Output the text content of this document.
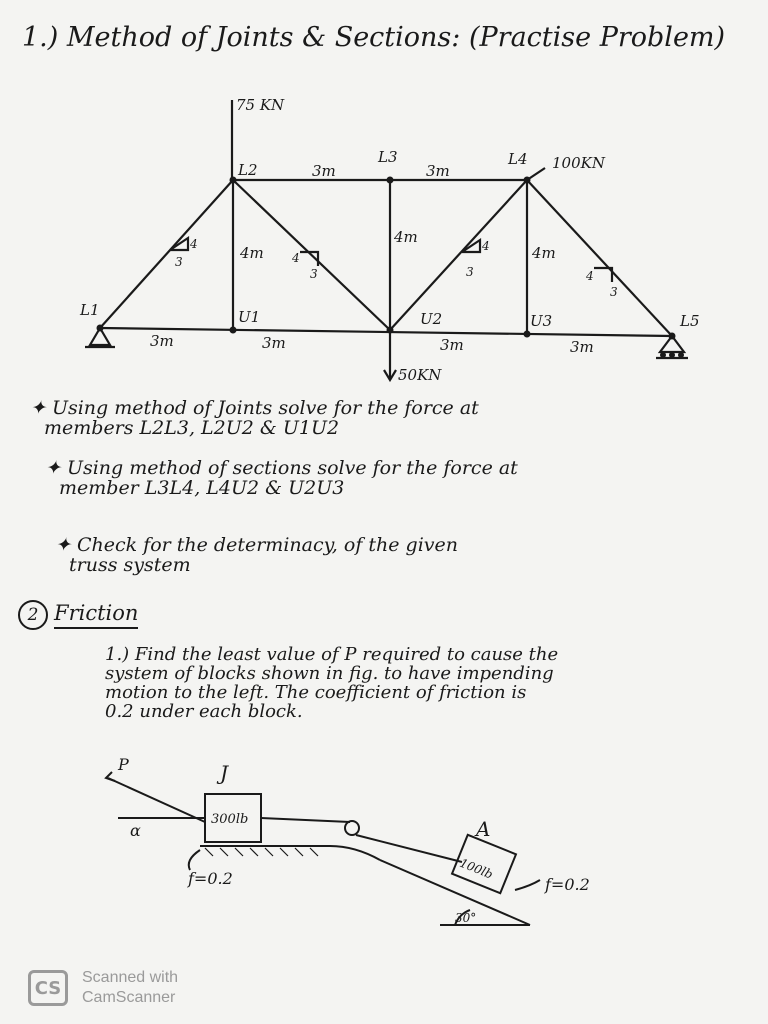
1.) Method of Joints & Sections: (Practise Problem)
75 KN
100KN
50KN
L1
L2
L3	L4
L5
U1	U2	U3
3m	3m
3m	3m	3m	3m
4m
4m
4m
4
3	4
3
4
3	4
3
✦ Using method of Joints solve for the force at
members L2L3, L2U2 & U1U2
✦ Using method of sections solve for the force at
member L3L4, L4U2 & U2U3
✦ Check for the determinacy, of the given
truss system
2 Friction
1.) Find the least value of P required to cause the
system of blocks shown in fig. to have impending
motion to the left. The coefficient of friction is
0.2 under each block.
P
α
J
300lb
f=0.2
A
100lb
f=0.2
30°
CS	Scanned with
CamScanner
